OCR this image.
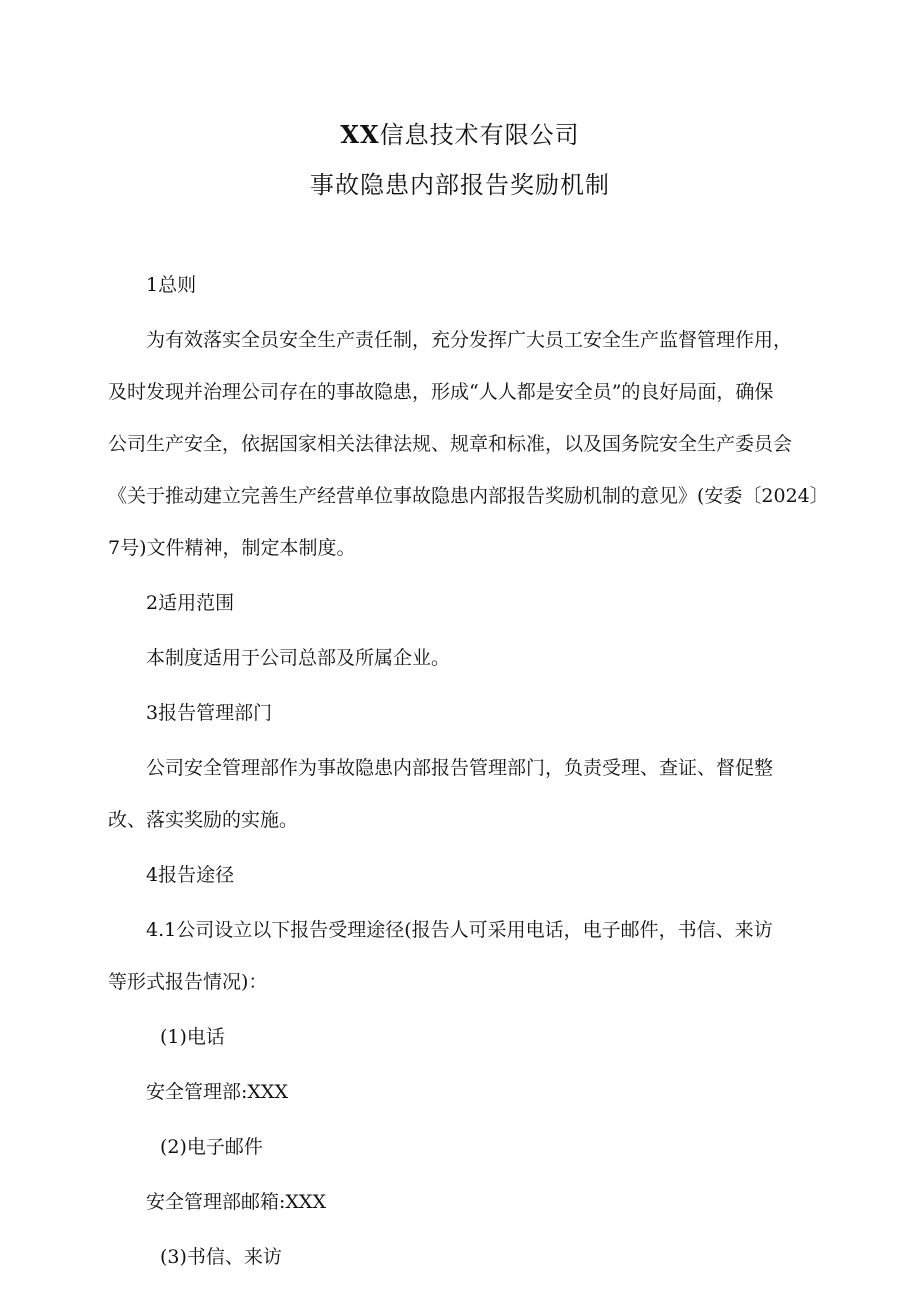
XX信息技术有限公司
事故隐患内部报告奖励机制
1总则
为有效落实全员安全生产责任制，充分发挥广大员工安全生产监督管理作用，
及时发现并治理公司存在的事故隐患，形成“人人都是安全员”的良好局面，确保
公司生产安全，依据国家相关法律法规、规章和标准，以及国务院安全生产委员会
《关于推动建立完善生产经营单位事故隐患内部报告奖励机制的意见》(安委〔2024〕
7号)文件精神，制定本制度。
2适用范围
本制度适用于公司总部及所属企业。
3报告管理部门
公司安全管理部作为事故隐患内部报告管理部门，负责受理、查证、督促整
改、落实奖励的实施。
4报告途径
4.1公司设立以下报告受理途径(报告人可采用电话，电子邮件，书信、来访
等形式报告情况)：
(1)电话
安全管理部:XXX
(2)电子邮件
安全管理部邮箱:XXX
(3)书信、来访
